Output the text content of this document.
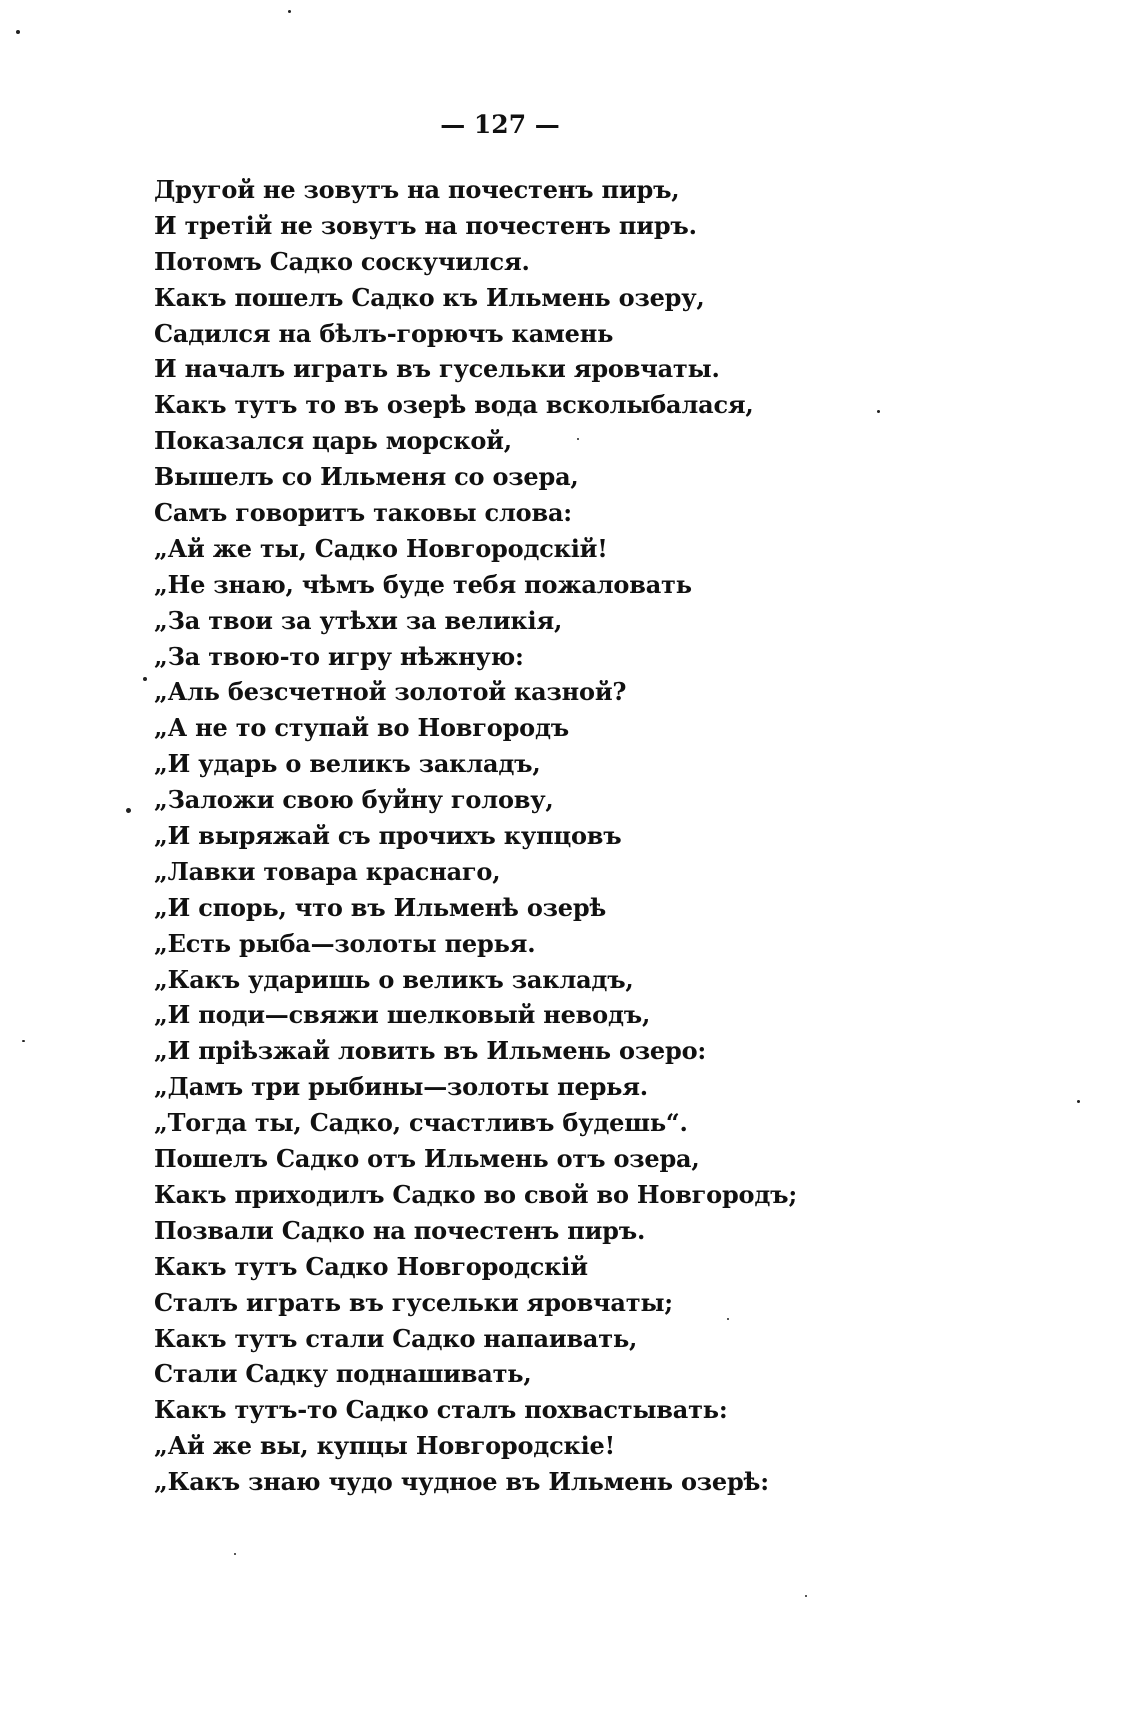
— 127 —
Другой не зовутъ на почестенъ пиръ,
И третій не зовутъ на почестенъ пиръ.
Потомъ Садко соскучился.
Какъ пошелъ Садко къ Ильмень озеру,
Садился на бѣлъ-горючъ камень
И началъ играть въ гусельки яровчаты.
Какъ тутъ то въ озерѣ вода всколыбалася,
Показался царь морской,
Вышелъ со Ильменя со озера,
Самъ говоритъ таковы слова:
„Ай же ты, Садко Новгородскій!
„Не знаю, чѣмъ буде тебя пожаловать
„За твои за утѣхи за великія,
„За твою-то игру нѣжную:
„Аль безсчетной золотой казной?
„А не то ступай во Новгородъ
„И ударь о великъ закладъ,
„Заложи свою буйну голову,
„И выряжай съ прочихъ купцовъ
„Лавки товара краснаго,
„И спорь, что въ Ильменѣ озерѣ
„Есть рыба—золоты перья.
„Какъ ударишь о великъ закладъ,
„И поди—свяжи шелковый неводъ,
„И пріѣзжай ловить въ Ильмень озеро:
„Дамъ три рыбины—золоты перья.
„Тогда ты, Садко, счастливъ будешь“.
Пошелъ Садко отъ Ильмень отъ озера,
Какъ приходилъ Садко во свой во Новгородъ;
Позвали Садко на почестенъ пиръ.
Какъ тутъ Садко Новгородскій
Сталъ играть въ гусельки яровчаты;
Какъ тутъ стали Садко напаивать,
Стали Садку поднашивать,
Какъ тутъ-то Садко сталъ похвастывать:
„Ай же вы, купцы Новгородскіе!
„Какъ знаю чудо чудное въ Ильмень озерѣ:
